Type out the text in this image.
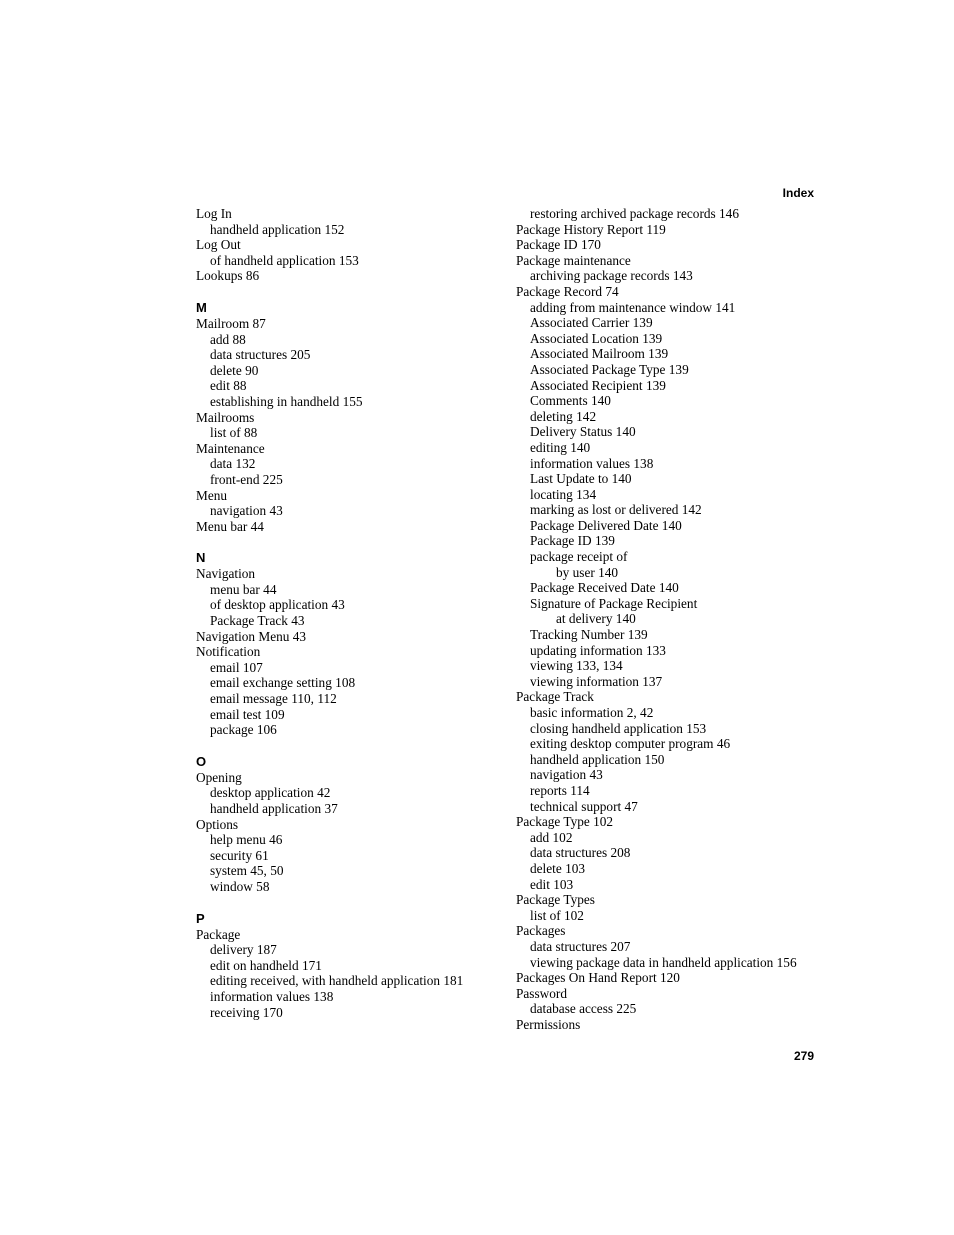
Index
Log In
handheld application 152
Log Out
of handheld application 153
Lookups 86
M
Mailroom 87
add 88
data structures 205
delete 90
edit 88
establishing in handheld 155
Mailrooms
list of 88
Maintenance
data 132
front-end 225
Menu
navigation 43
Menu bar 44
N
Navigation
menu bar 44
of desktop application 43
Package Track 43
Navigation Menu 43
Notification
email 107
email exchange setting 108
email message 110, 112
email test 109
package 106
O
Opening
desktop application 42
handheld application 37
Options
help menu 46
security 61
system 45, 50
window 58
P
Package
delivery 187
edit on handheld 171
editing received, with handheld application 181
information values 138
receiving 170
restoring archived package records 146
Package History Report 119
Package ID 170
Package maintenance
archiving package records 143
Package Record 74
adding from maintenance window 141
Associated Carrier 139
Associated Location 139
Associated Mailroom 139
Associated Package Type 139
Associated Recipient 139
Comments 140
deleting 142
Delivery Status 140
editing 140
information values 138
Last Update to 140
locating 134
marking as lost or delivered 142
Package Delivered Date 140
Package ID 139
package receipt of
by user 140
Package Received Date 140
Signature of Package Recipient
at delivery 140
Tracking Number 139
updating information 133
viewing 133, 134
viewing information 137
Package Track
basic information 2, 42
closing handheld application 153
exiting desktop computer program 46
handheld application 150
navigation 43
reports 114
technical support 47
Package Type 102
add 102
data structures 208
delete 103
edit 103
Package Types
list of 102
Packages
data structures 207
viewing package data in handheld application 156
Packages On Hand Report 120
Password
database access 225
Permissions
279
